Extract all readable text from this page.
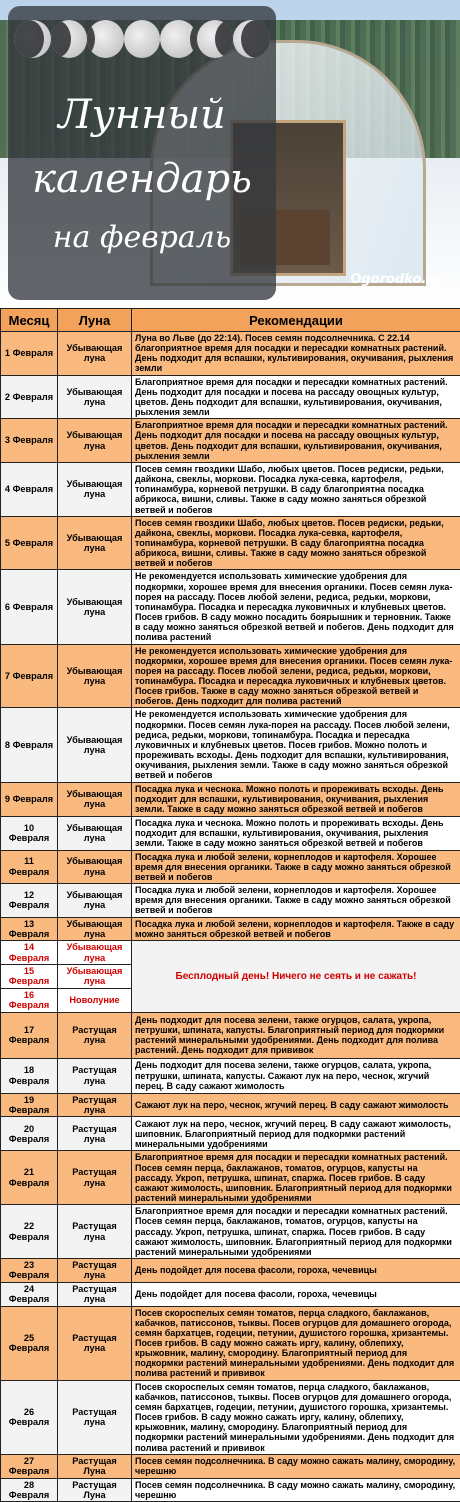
Лунный
календарь
на февраль
Ogorodko.ru
Месяц	Луна	Рекомендации
1 Февраля	Убывающая луна	Луна во Льве (до 22:14). Посев семян подсолнечника. С 22.14 благоприятное время для посадки и пересадки комнатных растений. День подходит для вспашки, культивирования, окучивания, рыхления земли
2 Февраля	Убывающая луна	Благоприятное время для посадки и пересадки комнатных растений. День подходит для посадки и посева на рассаду овощных культур, цветов. День подходит для вспашки, культивирования, окучивания, рыхления земли
3 Февраля	Убывающая луна	Благоприятное время для посадки и пересадки комнатных растений. День подходит для посадки и посева на рассаду овощных культур, цветов. День подходит для вспашки, культивирования, окучивания, рыхления земли
4 Февраля	Убывающая луна	Посев семян гвоздики Шабо, любых цветов. Посев редиски, редьки, дайкона, свеклы, моркови. Посадка лука-севка, картофеля, топинамбура, корневой петрушки. В саду благоприятна посадка абрикоса, вишни, сливы. Также в саду можно заняться обрезкой ветвей и побегов
5 Февраля	Убывающая луна	Посев семян гвоздики Шабо, любых цветов. Посев редиски, редьки, дайкона, свеклы, моркови. Посадка лука-севка, картофеля, топинамбура, корневой петрушки. В саду благоприятна посадка абрикоса, вишни, сливы. Также в саду можно заняться обрезкой ветвей и побегов
6 Февраля	Убывающая луна	Не рекомендуется использовать химические удобрения для подкормки, хорошее время для внесения органики. Посев семян лука-порея на рассаду. Посев любой зелени, редиса, редьки, моркови, топинамбура. Посадка и пересадка луковичных и клубневых цветов. Посев грибов. В саду можно посадить боярышник и терновник. Также в саду можно заняться обрезкой ветвей и побегов. День подходит для полива растений
7 Февраля	Убывающая луна	Не рекомендуется использовать химические удобрения для подкормки, хорошее время для внесения органики. Посев семян лука-порея на рассаду. Посев любой зелени, редиса, редьки, моркови, топинамбура. Посадка и пересадка луковичных и клубневых цветов. Посев грибов. Также в саду можно заняться обрезкой ветвей и побегов. День подходит для полива растений
8 Февраля	Убывающая луна	Не рекомендуется использовать химические удобрения для подкормки. Посев семян лука-порея на рассаду. Посев любой зелени, редиса, редьки, моркови, топинамбура. Посадка и пересадка луковичных и клубневых цветов. Посев грибов. Можно полоть и прореживать всходы. День подходит для вспашки, культивирования, окучивания, рыхления земли. Также в саду можно заняться обрезкой ветвей и побегов
9 Февраля	Убывающая луна	Посадка лука и чеснока. Можно полоть и прореживать всходы. День подходит для вспашки, культивирования, окучивания, рыхления земли. Также в саду можно заняться обрезкой ветвей и побегов
10 Февраля	Убывающая луна	Посадка лука и чеснока. Можно полоть и прореживать всходы. День подходит для вспашки, культивирования, окучивания, рыхления земли. Также в саду можно заняться обрезкой ветвей и побегов
11 Февраля	Убывающая луна	Посадка лука и любой зелени, корнеплодов и картофеля. Хорошее время для внесения органики. Также в саду можно заняться обрезкой ветвей и побегов
12 Февраля	Убывающая луна	Посадка лука и любой зелени, корнеплодов и картофеля. Хорошее время для внесения органики. Также в саду можно заняться обрезкой ветвей и побегов
13 Февраля	Убывающая луна	Посадка лука и любой зелени, корнеплодов и картофеля. Также в саду можно заняться обрезкой ветвей и побегов
14 Февраля	Убывающая луна	Бесплодный день! Ничего не сеять и не сажать!
15 Февраля	Убывающая луна	
16 Февраля	Новолуние	
17 Февраля	Растущая луна	День подходит для посева зелени, также огурцов, салата, укропа, петрушки, шпината, капусты. Благоприятный период для подкормки растений минеральными удобрениями. День подходит для полива растений. День подходит для прививок
18 Февраля	Растущая луна	День подходит для посева зелени, также огурцов, салата, укропа, петрушки, шпината, капусты. Сажают лук на перо, чеснок, жгучий перец. В саду сажают жимолость
19 Февраля	Растущая луна	Сажают лук на перо, чеснок, жгучий перец. В саду сажают жимолость
20 Февраля	Растущая луна	Сажают лук на перо, чеснок, жгучий перец. В саду сажают жимолость, шиповник. Благоприятный период для подкормки растений минеральными удобрениями
21 Февраля	Растущая луна	Благоприятное время для посадки и пересадки комнатных растений. Посев семян перца, баклажанов, томатов, огурцов, капусты на рассаду. Укроп, петрушка, шпинат, спаржа. Посев грибов. В саду сажают жимолость, шиповник. Благоприятный период для подкормки растений минеральными удобрениями
22 Февраля	Растущая луна	Благоприятное время для посадки и пересадки комнатных растений. Посев семян перца, баклажанов, томатов, огурцов, капусты на рассаду. Укроп, петрушка, шпинат, спаржа. Посев грибов. В саду сажают жимолость, шиповник. Благоприятный период для подкормки растений минеральными удобрениями
23 Февраля	Растущая луна	День подойдет для посева фасоли, гороха, чечевицы
24 Февраля	Растущая луна	День подойдет для посева фасоли, гороха, чечевицы
25 Февраля	Растущая луна	Посев скороспелых семян томатов, перца сладкого, баклажанов, кабачков, патиссонов, тыквы. Посев огурцов для домашнего огорода, семян бархатцев, годеции, петунии, душистого горошка, хризантемы. Посев грибов. В саду можно сажать иргу, калину, облепиху, крыжовник, малину, смородину. Благоприятный период для подкормки растений минеральными удобрениями. День подходит для полива растений и прививок
26 Февраля	Растущая луна	Посев скороспелых семян томатов, перца сладкого, баклажанов, кабачков, патиссонов, тыквы. Посев огурцов для домашнего огорода, семян бархатцев, годеции, петунии, душистого горошка, хризантемы. Посев грибов. В саду можно сажать иргу, калину, облепиху, крыжовник, малину, смородину. Благоприятный период для подкормки растений минеральными удобрениями. День подходит для полива растений и прививок
27 Февраля	Растущая Луна	Посев семян подсолнечника. В саду можно сажать малину, смородину, черешню
28 Февраля	Растущая Луна	Посев семян подсолнечника. В саду можно сажать малину, смородину, черешню
